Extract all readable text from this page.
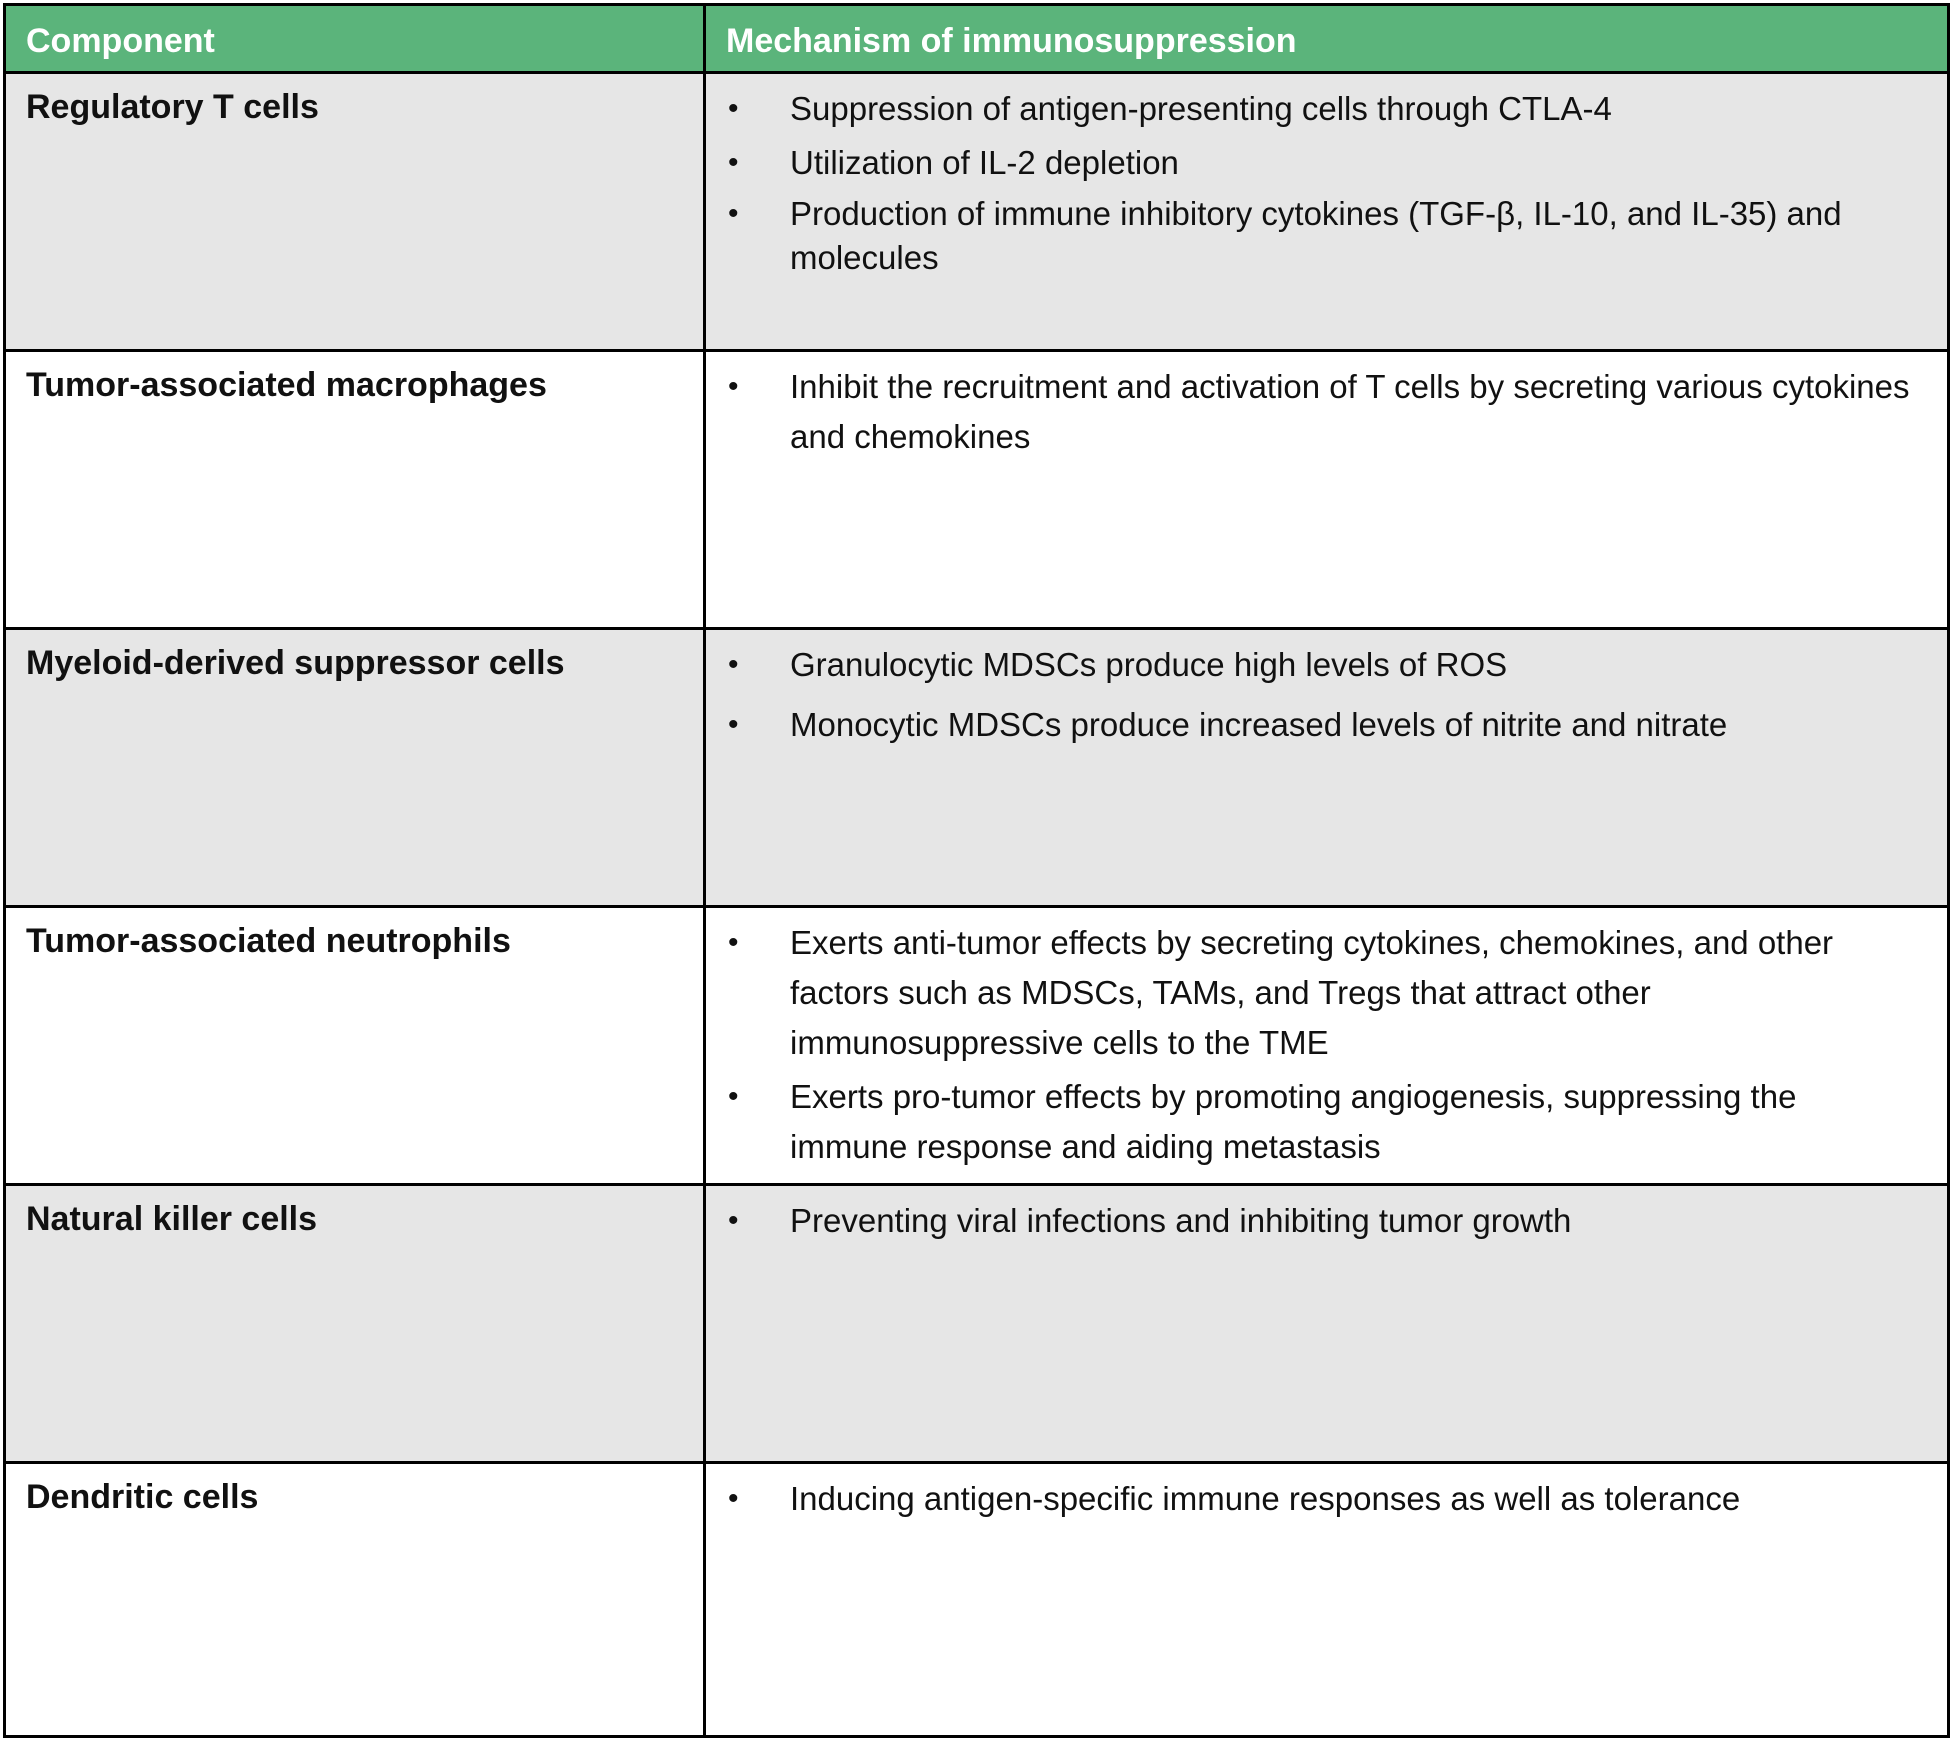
Component	Mechanism of immunosuppression
Regulatory T cells	• Suppression of antigen-presenting cells through CTLA-4
• Utilization of IL-2 depletion
• Production of immune inhibitory cytokines (TGF-β, IL-10, and IL-35) and molecules
Tumor-associated macrophages	• Inhibit the recruitment and activation of T cells by secreting various cytokines and chemokines
Myeloid-derived suppressor cells	• Granulocytic MDSCs produce high levels of ROS
• Monocytic MDSCs produce increased levels of nitrite and nitrate
Tumor-associated neutrophils	• Exerts anti-tumor effects by secreting cytokines, chemokines, and other factors such as MDSCs, TAMs, and Tregs that attract other immunosuppressive cells to the TME
• Exerts pro-tumor effects by promoting angiogenesis, suppressing the immune response and aiding metastasis
Natural killer cells	• Preventing viral infections and inhibiting tumor growth
Dendritic cells	• Inducing antigen-specific immune responses as well as tolerance
